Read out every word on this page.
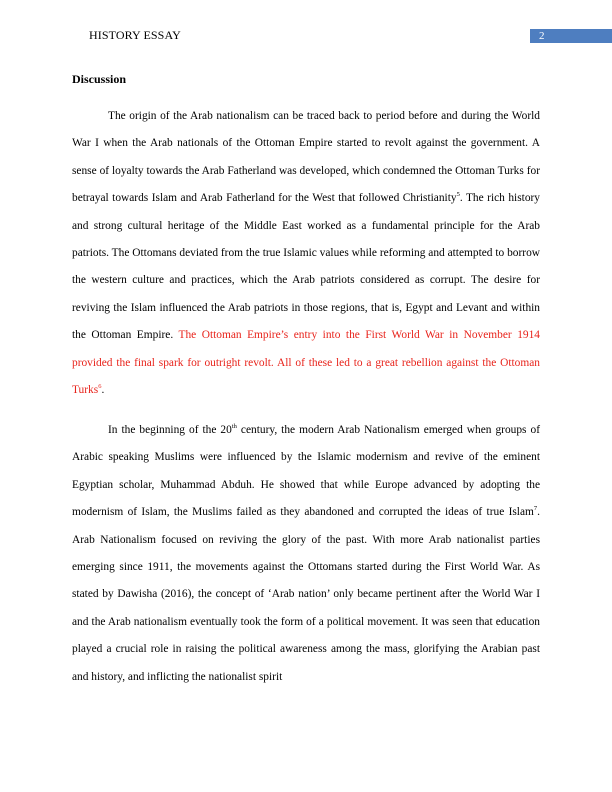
HISTORY ESSAY	2
Discussion

The origin of the Arab nationalism can be traced back to period before and during the World War I when the Arab nationals of the Ottoman Empire started to revolt against the government. A sense of loyalty towards the Arab Fatherland was developed, which condemned the Ottoman Turks for betrayal towards Islam and Arab Fatherland for the West that followed Christianity$^5$. The rich history and strong cultural heritage of the Middle East worked as a fundamental principle for the Arab patriots. The Ottomans deviated from the true Islamic values while reforming and attempted to borrow the western culture and practices, which the Arab patriots considered as corrupt. The desire for reviving the Islam influenced the Arab patriots in those regions, that is, Egypt and Levant and within the Ottoman Empire. The Ottoman Empire’s entry into the First World War in November 1914 provided the final spark for outright revolt. All of these led to a great rebellion against the Ottoman Turks$^6$.

In the beginning of the 20th century, the modern Arab Nationalism emerged when groups of Arabic speaking Muslims were influenced by the Islamic modernism and revive of the eminent Egyptian scholar, Muhammad Abduh. He showed that while Europe advanced by adopting the modernism of Islam, the Muslims failed as they abandoned and corrupted the ideas of true Islam$^7$. Arab Nationalism focused on reviving the glory of the past. With more Arab nationalist parties emerging since 1911, the movements against the Ottomans started during the First World War. As stated by Dawisha (2016), the concept of ‘Arab nation’ only became pertinent after the World War I and the Arab nationalism eventually took the form of a political movement. It was seen that education played a crucial role in raising the political awareness among the mass, glorifying the Arabian past and history, and inflicting the nationalist spirit
